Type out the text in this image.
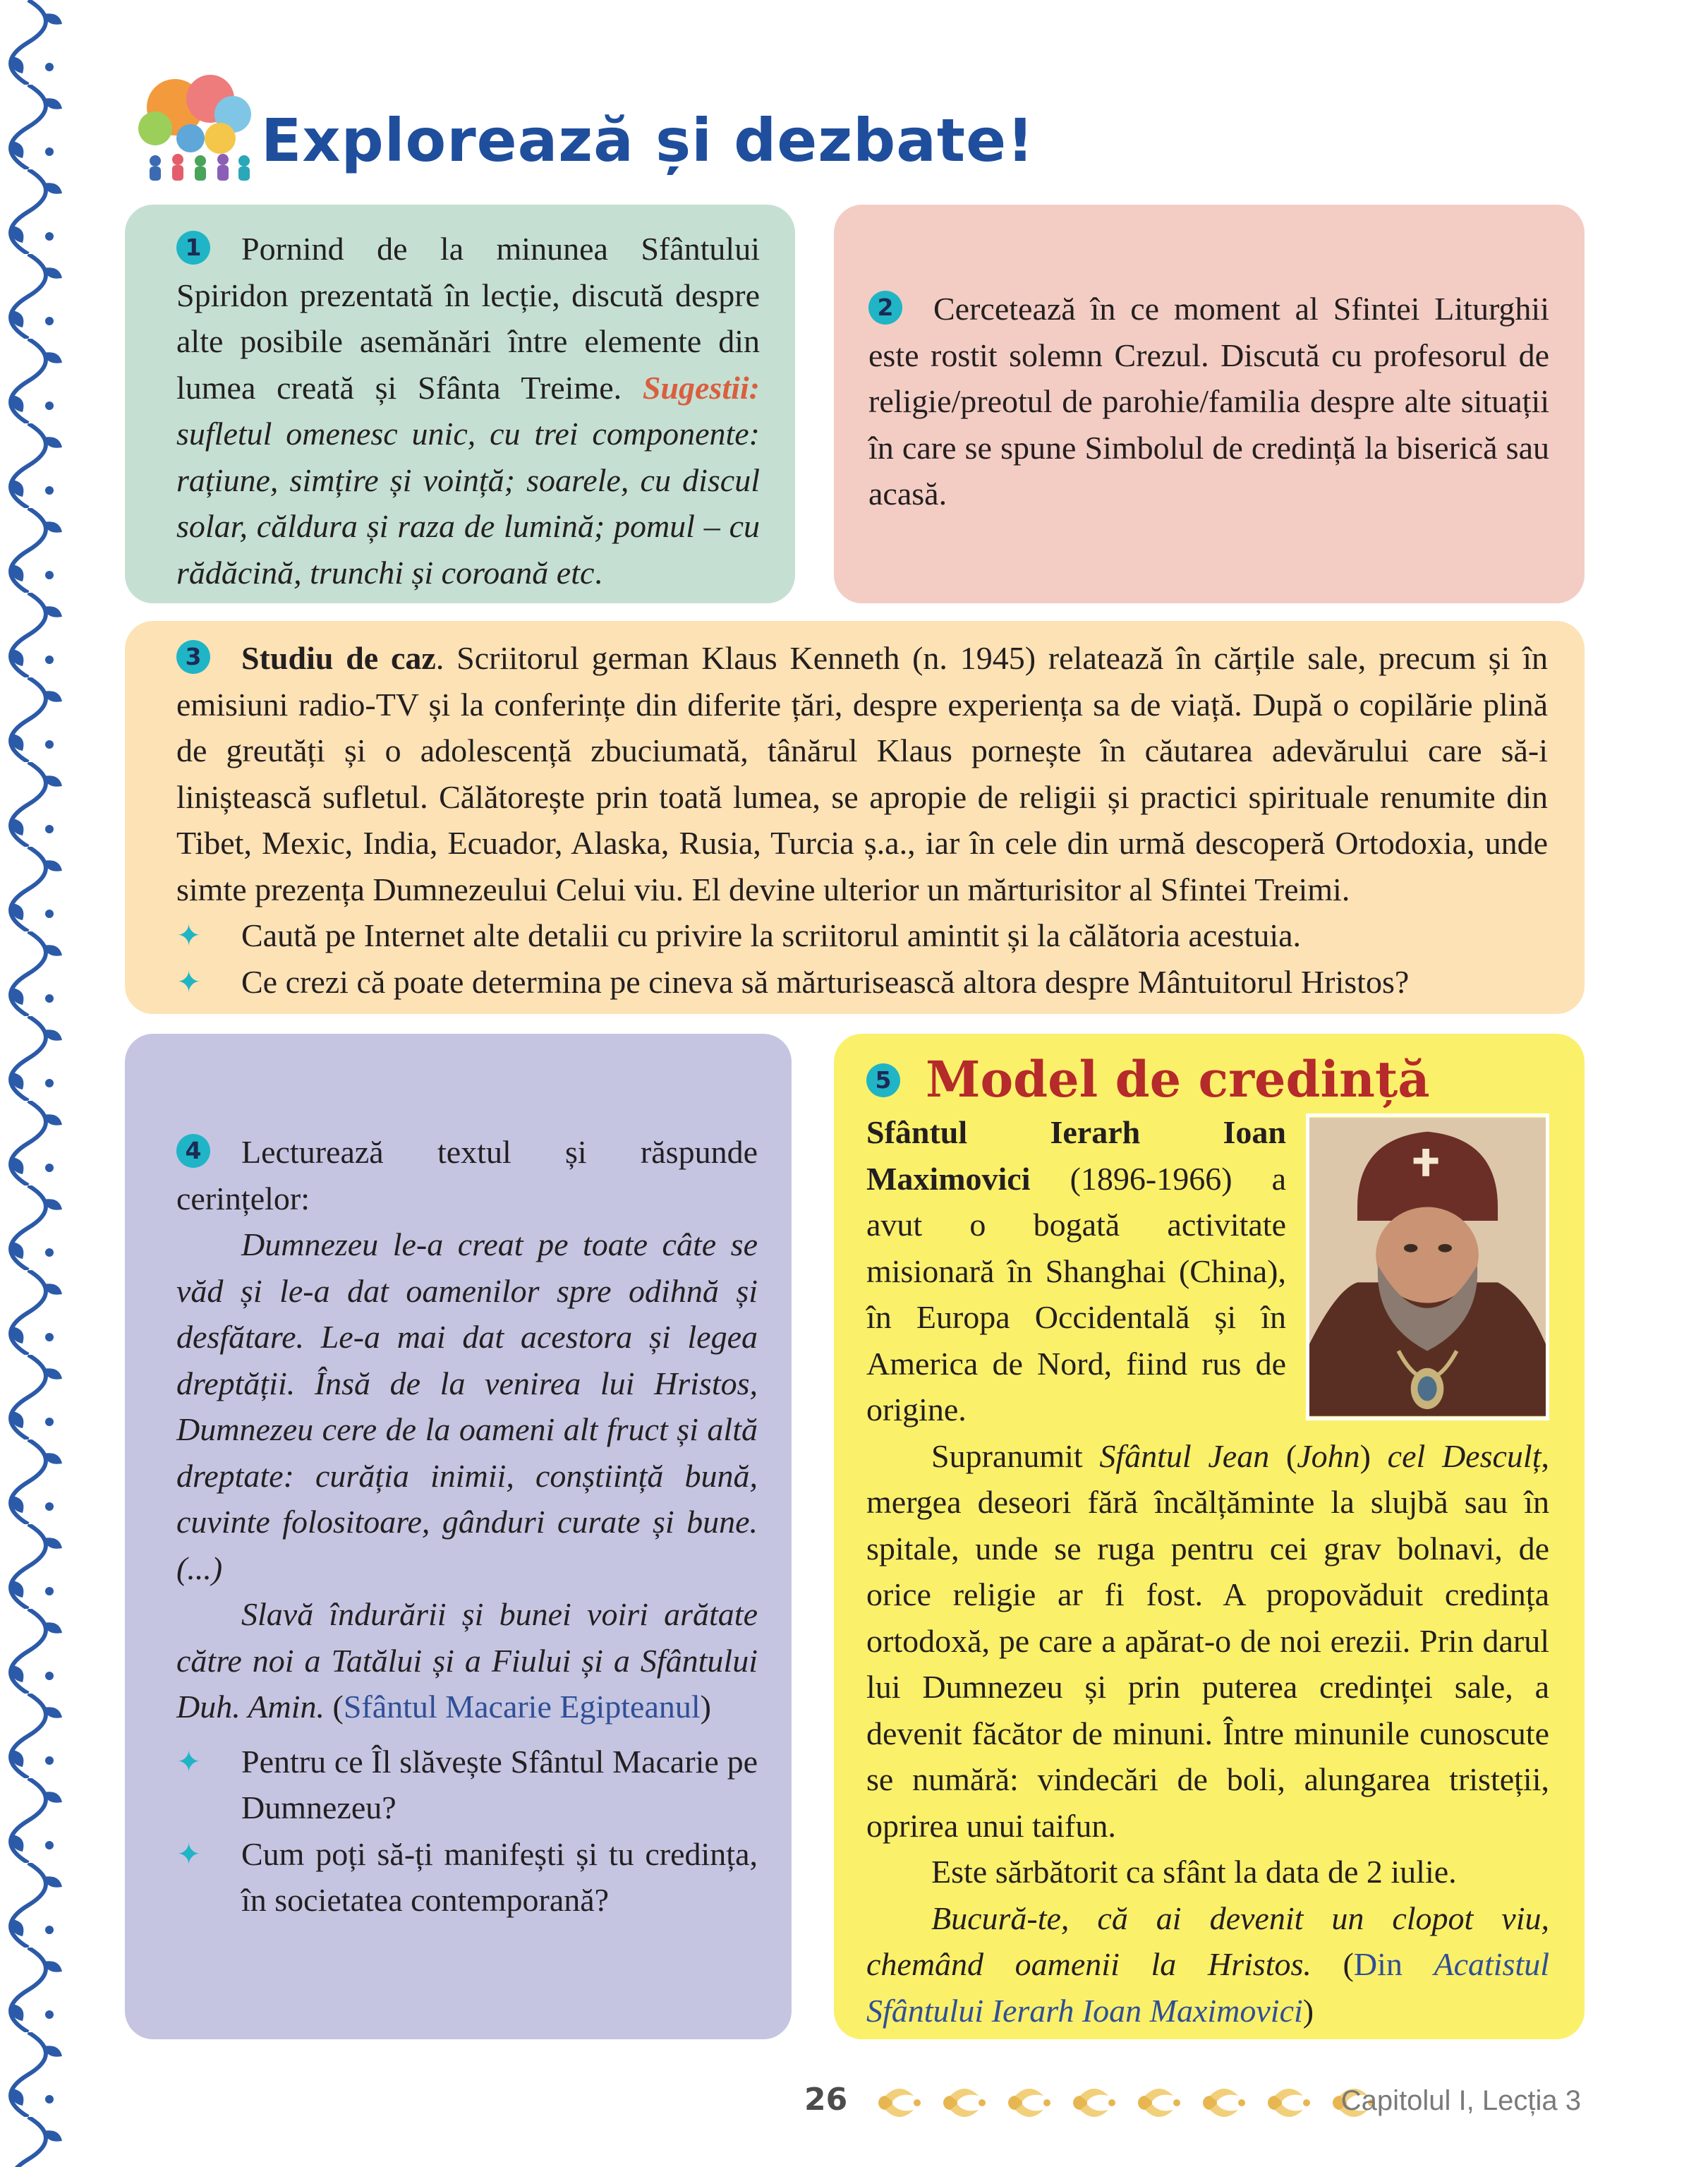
Explorează și dezbate!

1 Pornind de la minunea Sfântului Spiridon prezentată în lecție, discută despre alte posibile asemănări între elemente din lumea creată și Sfânta Treime. Sugestii: sufletul omenesc unic, cu trei componente: rațiune, simțire și voință; soarele, cu discul solar, căldura și raza de lumină; pomul – cu rădăcină, trunchi și coroană etc.

2 Cercetează în ce moment al Sfintei Liturghii este rostit solemn Crezul. Discută cu profesorul de religie/preotul de parohie/familia despre alte situații în care se spune Simbolul de credință la biserică sau acasă.

3 Studiu de caz. Scriitorul german Klaus Kenneth (n. 1945) relatează în cărțile sale, precum și în emisiuni radio-TV și la conferințe din diferite țări, despre experiența sa de viață. După o copilărie plină de greutăți și o adolescență zbuciumată, tânărul Klaus pornește în căutarea adevărului care să-i liniștească sufletul. Călătorește prin toată lumea, se apropie de religii și practici spirituale renumite din Tibet, Mexic, India, Ecuador, Alaska, Rusia, Turcia ș.a., iar în cele din urmă descoperă Ortodoxia, unde simte prezența Dumnezeului Celui viu. El devine ulterior un mărturisitor al Sfintei Treimi.

✦ Caută pe Internet alte detalii cu privire la scriitorul amintit și la călătoria acestuia.
✦ Ce crezi că poate determina pe cineva să mărturisească altora despre Mântuitorul Hristos?

4 Lecturează textul și răspunde cerințelor:

Dumnezeu le-a creat pe toate câte se văd și le-a dat oamenilor spre odihnă și desfătare. Le-a mai dat acestora și legea dreptății. Însă de la venirea lui Hristos, Dumnezeu cere de la oameni alt fruct și altă dreptate: curăția inimii, conștiință bună, cuvinte folositoare, gânduri curate și bune. (...)

Slavă îndurării și bunei voiri arătate către noi a Tatălui și a Fiului și a Sfântului Duh. Amin. (Sfântul Macarie Egipteanul)

✦ Pentru ce Îl slăvește Sfântul Macarie pe Dumnezeu?
✦ Cum poți să-ți manifești și tu credința, în societatea contemporană?
5 Model de credință

Sfântul Ierarh Ioan Maximovici (1896-1966) a avut o bogată activitate misionară în Shanghai (China), în Europa Occidentală și în America de Nord, fiind rus de origine.

Supranumit Sfântul Jean (John) cel Desculț, mergea deseori fără încălțăminte la slujbă sau în spitale, unde se ruga pentru cei grav bolnavi, de orice religie ar fi fost. A propovăduit credința ortodoxă, pe care a apărat-o de noi erezii. Prin darul lui Dumnezeu și prin puterea credinței sale, a devenit făcător de minuni. Între minunile cunoscute se numără: vindecări de boli, alungarea tristeții, oprirea unui taifun.

Este sărbătorit ca sfânt la data de 2 iulie.

Bucură-te, că ai devenit un clopot viu, chemând oamenii la Hristos. (Din Acatistul Sfântului Ierarh Ioan Maximovici)

26	Capitolul I, Lecția 3
